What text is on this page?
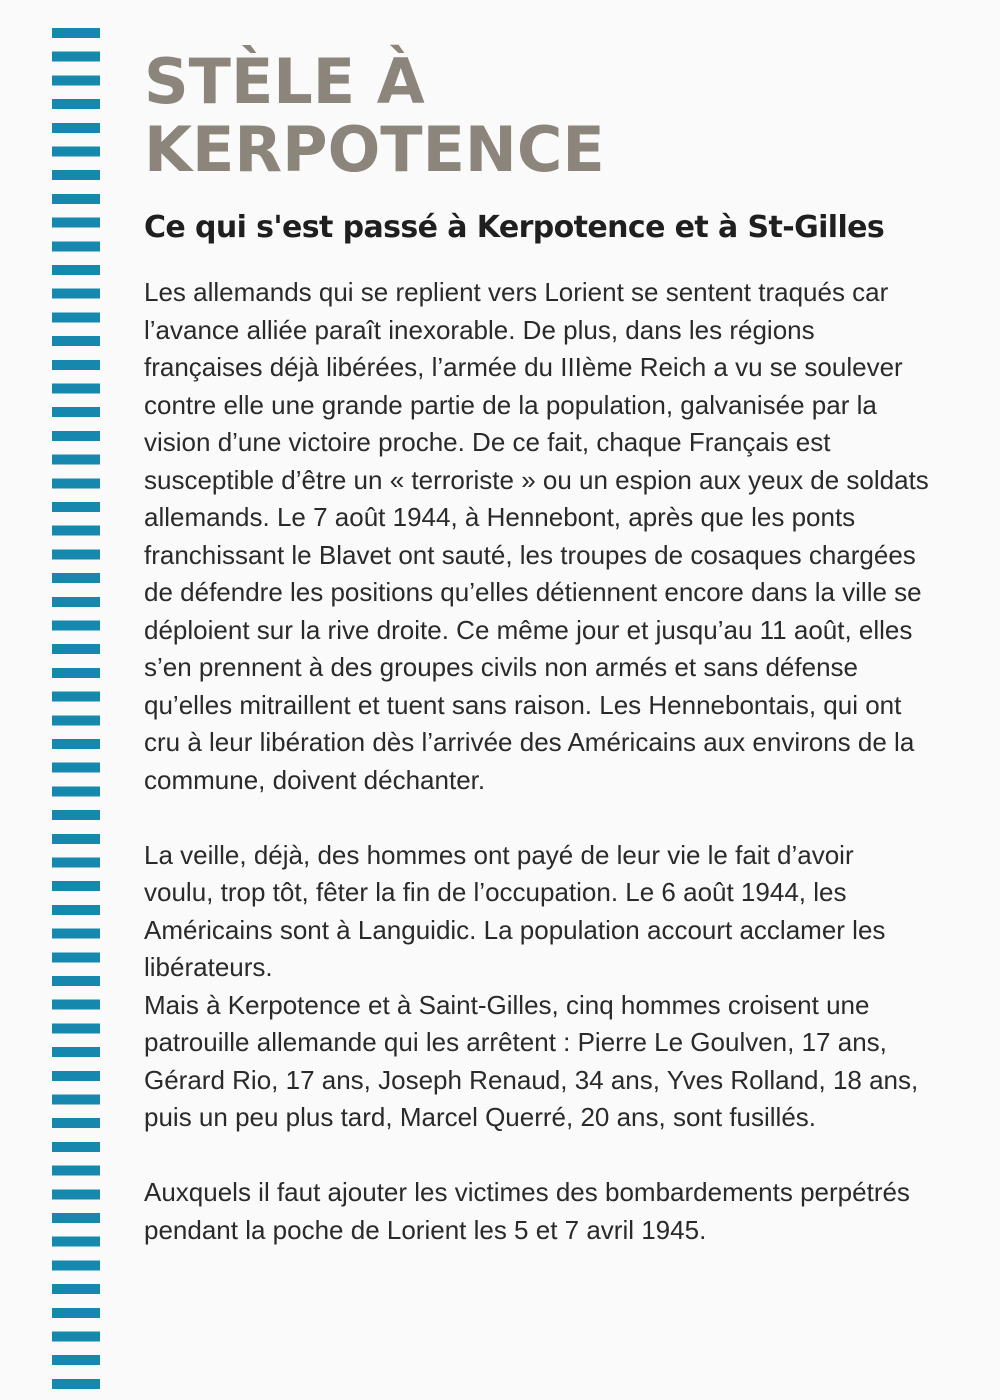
STÈLE À
KERPOTENCE
Ce qui s'est passé à Kerpotence et à St-Gilles

Les allemands qui se replient vers Lorient se sentent traqués car l’avance alliée paraît inexorable. De plus, dans les régions françaises déjà libérées, l’armée du IIIème Reich a vu se soulever contre elle une grande partie de la population, galvanisée par la vision d’une victoire proche. De ce fait, chaque Français est susceptible d’être un « terroriste » ou un espion aux yeux de soldats allemands. Le 7 août 1944, à Hennebont, après que les ponts franchissant le Blavet ont sauté, les troupes de cosaques chargées de défendre les positions qu’elles détiennent encore dans la ville se déploient sur la rive droite. Ce même jour et jusqu’au 11 août, elles s’en prennent à des groupes civils non armés et sans défense qu’elles mitraillent et tuent sans raison. Les Hennebontais, qui ont cru à leur libération dès l’arrivée des Américains aux environs de la commune, doivent déchanter.

La veille, déjà, des hommes ont payé de leur vie le fait d’avoir voulu, trop tôt, fêter la fin de l’occupation. Le 6 août 1944, les Américains sont à Languidic. La population accourt acclamer les libérateurs.

Mais à Kerpotence et à Saint-Gilles, cinq hommes croisent une patrouille allemande qui les arrêtent : Pierre Le Goulven, 17 ans, Gérard Rio, 17 ans, Joseph Renaud, 34 ans, Yves Rolland, 18 ans, puis un peu plus tard, Marcel Querré, 20 ans, sont fusillés.

Auxquels il faut ajouter les victimes des bombardements perpétrés pendant la poche de Lorient les 5 et 7 avril 1945.
